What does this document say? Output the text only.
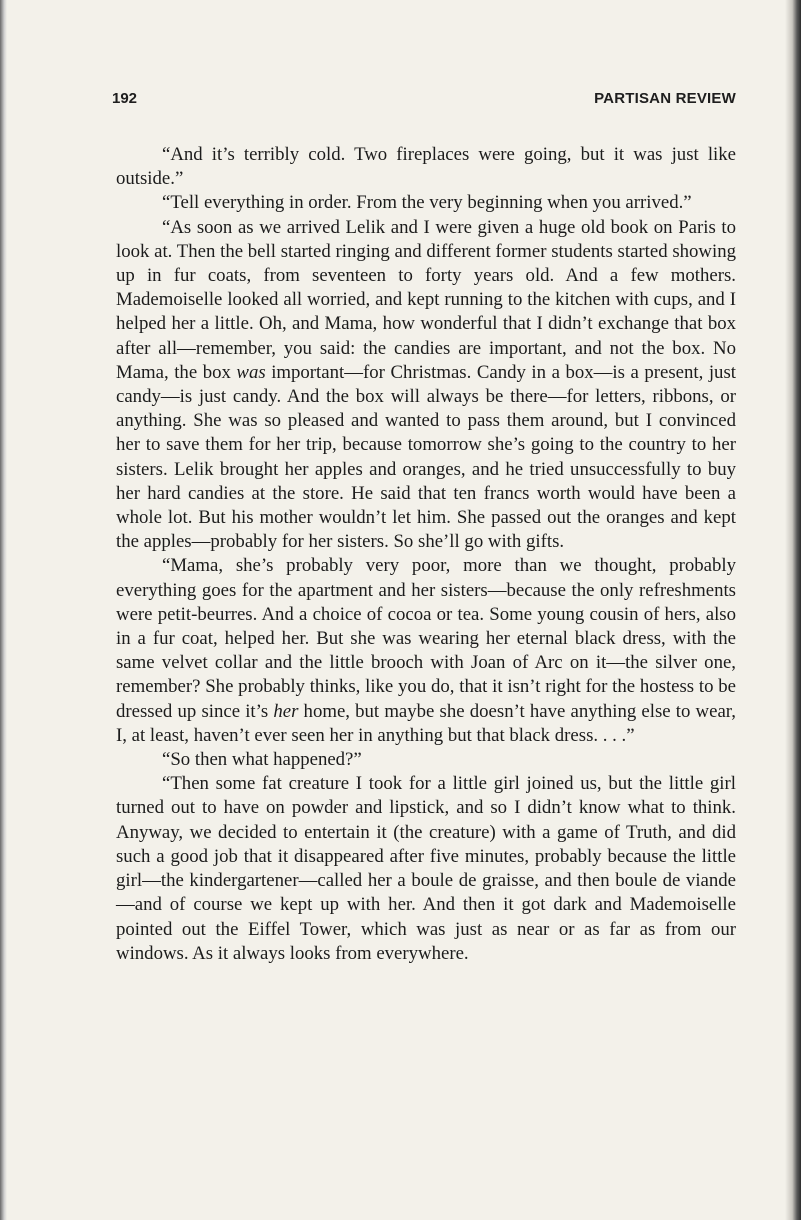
192	PARTISAN REVIEW

“And it’s terribly cold. Two fireplaces were going, but it was just like outside.”

“Tell everything in order. From the very beginning when you arrived.”

“As soon as we arrived Lelik and I were given a huge old book on Paris to look at. Then the bell started ringing and different former students started showing up in fur coats, from seventeen to forty years old. And a few mothers. Mademoiselle looked all worried, and kept running to the kitchen with cups, and I helped her a little. Oh, and Mama, how wonderful that I didn’t exchange that box after all—remember, you said: the candies are important, and not the box. No Mama, the box was important—for Christmas. Candy in a box—is a present, just candy—is just candy. And the box will always be there—for letters, ribbons, or anything. She was so pleased and wanted to pass them around, but I convinced her to save them for her trip, because tomorrow she’s going to the country to her sisters. Lelik brought her apples and oranges, and he tried unsuccessfully to buy her hard candies at the store. He said that ten francs worth would have been a whole lot. But his mother wouldn’t let him. She passed out the oranges and kept the apples—probably for her sisters. So she’ll go with gifts.

“Mama, she’s probably very poor, more than we thought, probably everything goes for the apartment and her sisters—because the only refreshments were petit-beurres. And a choice of cocoa or tea. Some young cousin of hers, also in a fur coat, helped her. But she was wearing her eternal black dress, with the same velvet collar and the little brooch with Joan of Arc on it—the silver one, remember? She probably thinks, like you do, that it isn’t right for the hostess to be dressed up since it’s her home, but maybe she doesn’t have anything else to wear, I, at least, haven’t ever seen her in anything but that black dress. . . .”

“So then what happened?”

“Then some fat creature I took for a little girl joined us, but the little girl turned out to have on powder and lipstick, and so I didn’t know what to think. Anyway, we decided to entertain it (the creature) with a game of Truth, and did such a good job that it disappeared after five minutes, probably because the little girl—the kindergartener—called her a boule de graisse, and then boule de viande—and of course we kept up with her. And then it got dark and Mademoiselle pointed out the Eiffel Tower, which was just as near or as far as from our windows. As it always looks from everywhere.
